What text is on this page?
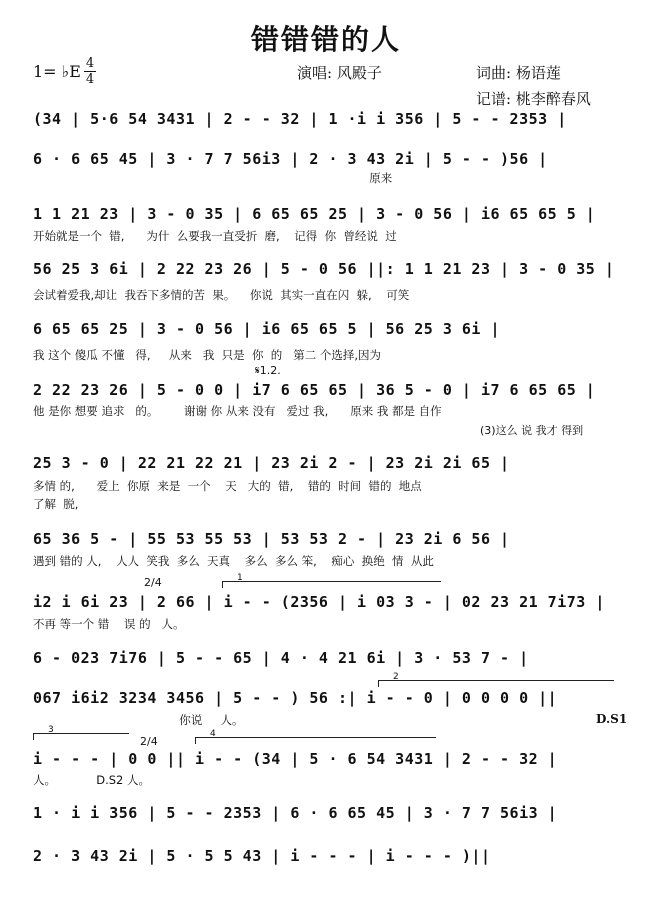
错错错的人
1= ♭E 4
4	演唱: 风殿子	词曲: 杨语莲
记谱: 桃李醉春风
(34 | 5·6 54 3431 | 2 - - 32 | 1 ·i i 356 | 5 - - 2353 |
6 · 6 65 45 | 3 · 7 7 56i3 | 2 · 3 43 2i | 5 - - )56 |
原来
1 1 21 23 | 3 - 0 35 | 6 65 65 25 | 3 - 0 56 | i6 65 65 5 |
开始就是一个  错,      为什  么要我一直受折  磨,    记得  你  曾经说  过
56 25 3 6i | 2 22 23 26 | 5 - 0 56 ||: 1 1 21 23 | 3 - 0 35 |
会试着爱我,却让  我吞下多情的苦  果。    你说  其实一直在闪  躲,    可笑
6 65 65 25 | 3 - 0 56 | i6 65 65 5 | 56 25 3 6i |
我 这个 傻瓜 不懂   得,     从来   我  只是  你  的   第二 个选择,因为
𝄋1.2.
2 22 23 26 | 5 - 0 0 | i7 6 65 65 | 36 5 - 0 | i7 6 65 65 |
他 是你 想要 追求   的。       谢谢 你 从来 没有   爱过 我,      原来 我 都是 自作
(3)这么 说 我才 得到
25 3 - 0 | 22 21 22 21 | 23 2i 2 - | 23 2i 2i 65 |
多情 的,      爱上  你原  来是  一个    天   大的  错,    错的  时间  错的  地点
了解  脱,
65 36 5 - | 55 53 55 53 | 53 53 2 - | 23 2i 6 56 |
遇到 错的 人,    人人  笑我  多么  天真    多么  多么 笨,    痴心  换绝  情  从此
2/4	1
i2 i 6i 23 | 2 66 | i - - (2356 | i 03 3 - | 02 23 21 7i73 |
不再 等一个 错    误 的   人。
6 - 023 7i76 | 5 - - 65 | 4 · 4 21 6i | 3 · 53 7 - |
2
067 i6i2 3234 3456 | 5 - - ) 56 :| i - - 0 | 0 0 0 0 ||
你说     人。	D.S1
3
2/4
4
i - - - | 0 0 || i - - (34 | 5 · 6 54 3431 | 2 - - 32 |
人。           D.S2 人。
1 · i i 356 | 5 - - 2353 | 6 · 6 65 45 | 3 · 7 7 56i3 |
2 · 3 43 2i | 5 · 5 5 43 | i - - - | i - - - )||
